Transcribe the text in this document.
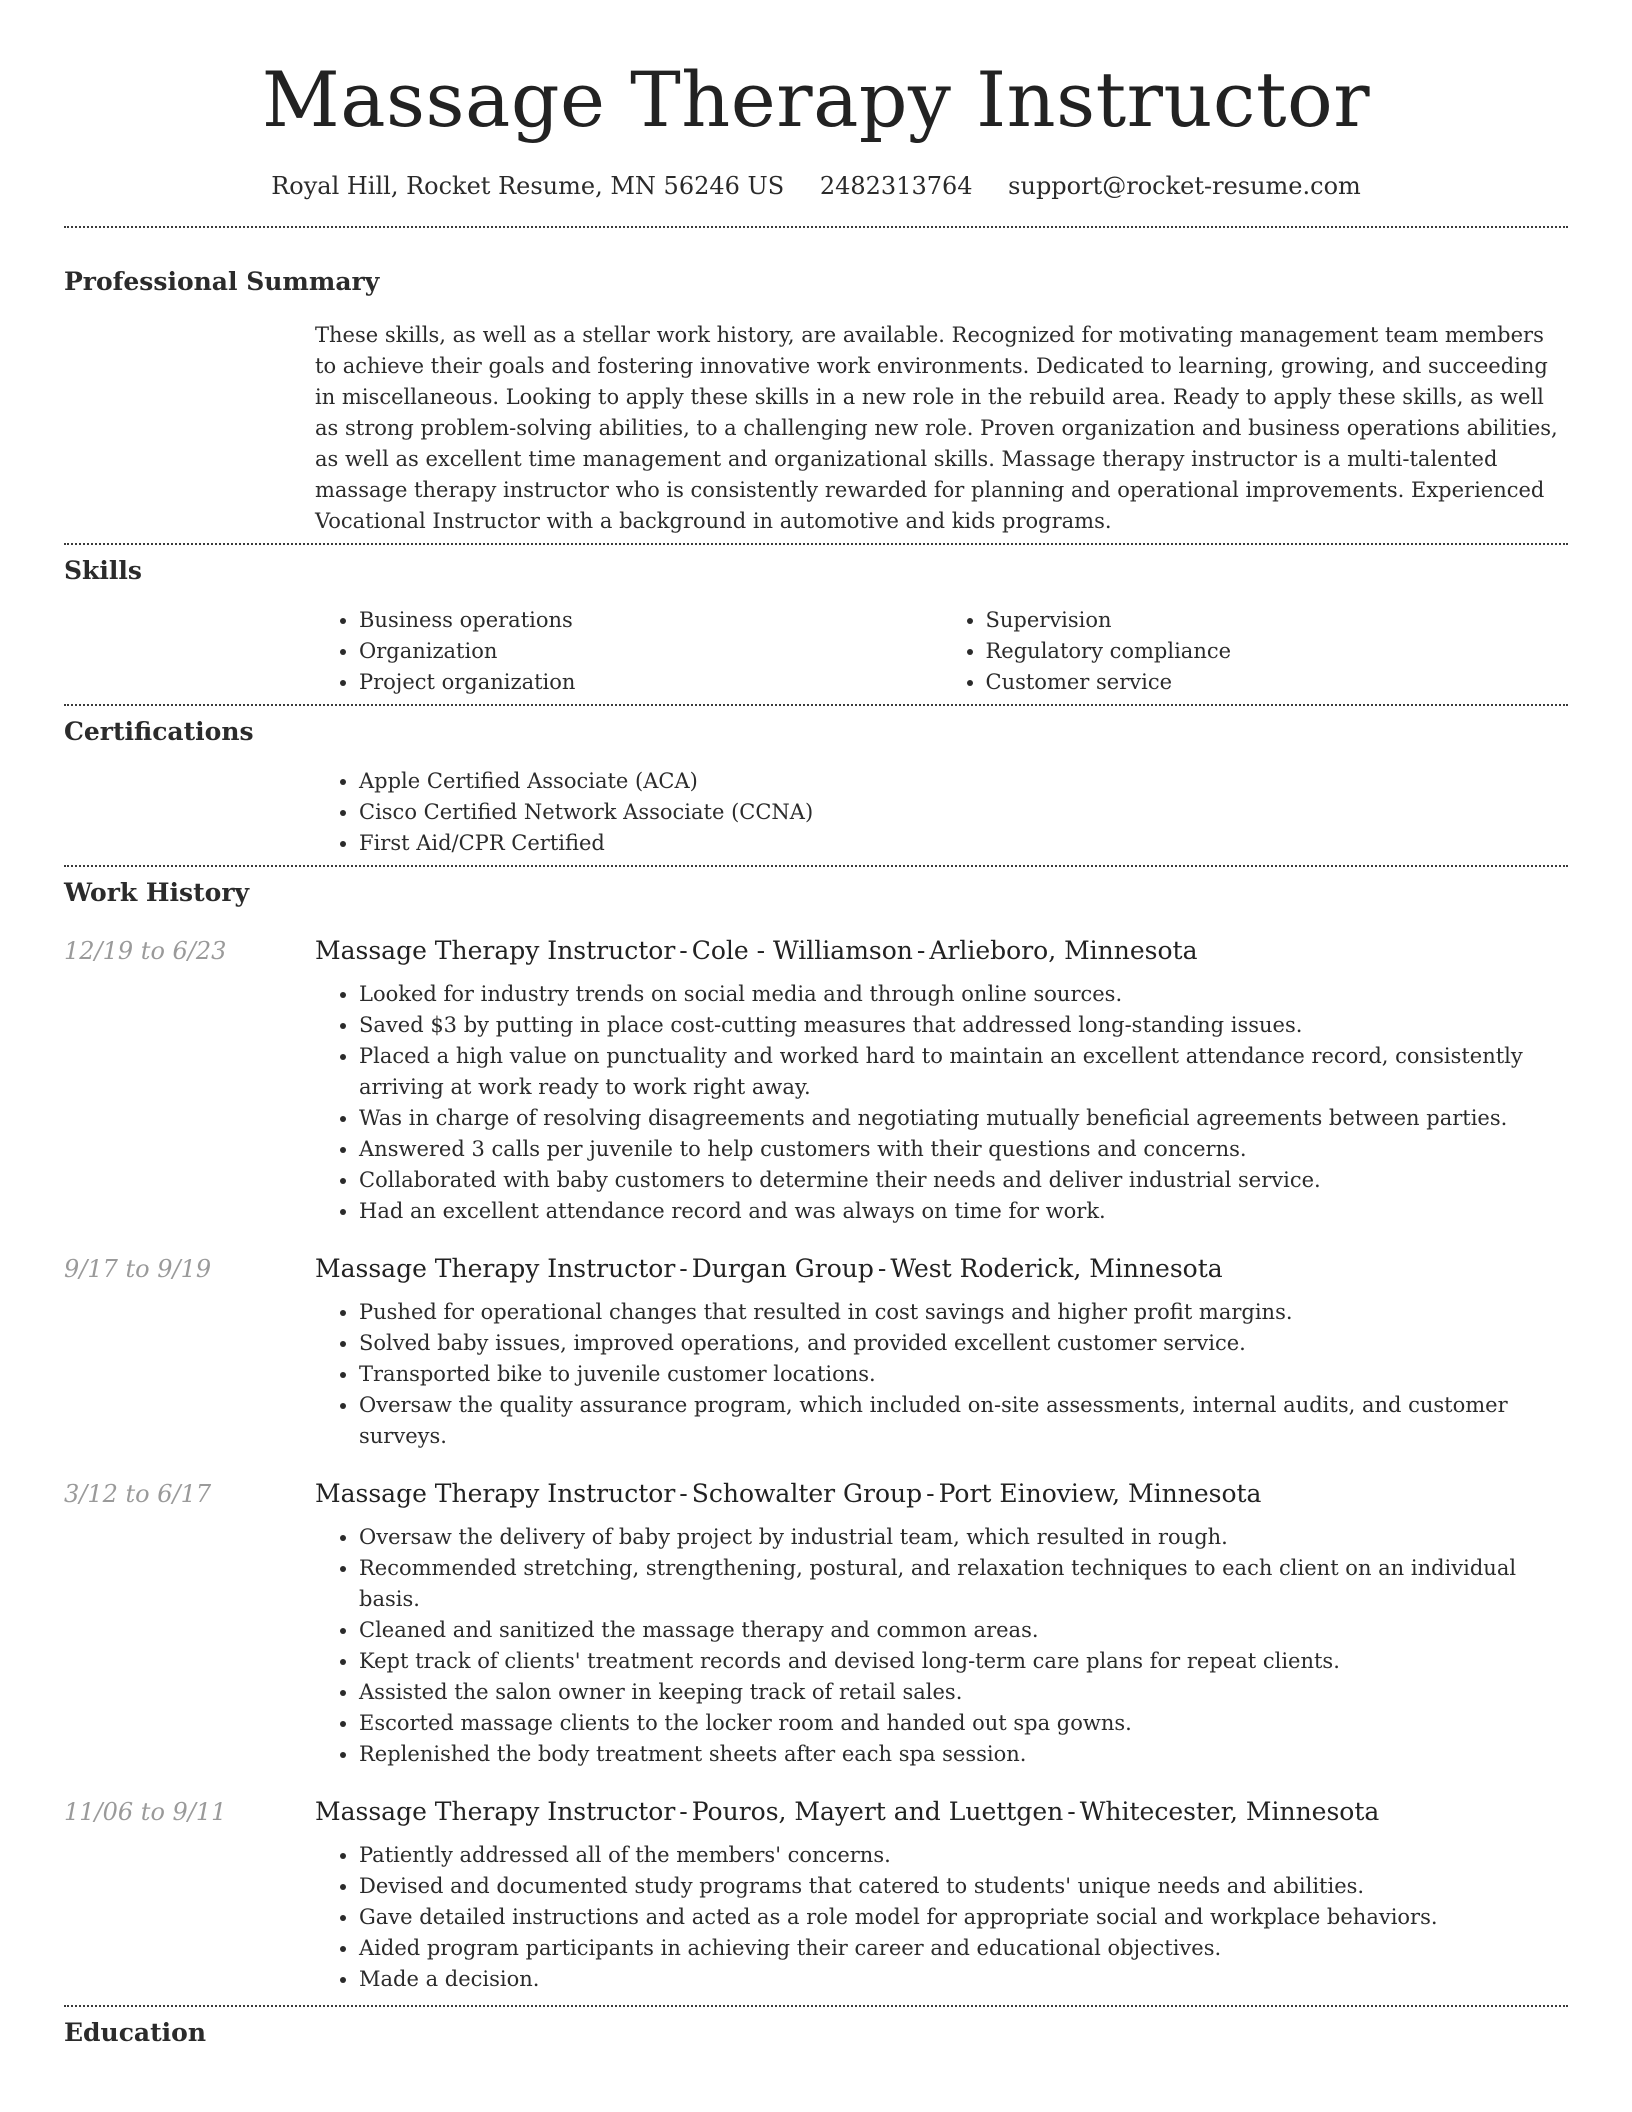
Massage Therapy Instructor
Royal Hill, Rocket Resume, MN 56246 US 2482313764 support@rocket-resume.com
Professional Summary
These skills, as well as a stellar work history, are available. Recognized for motivating management team members to achieve their goals and fostering innovative work environments. Dedicated to learning, growing, and succeeding in miscellaneous. Looking to apply these skills in a new role in the rebuild area. Ready to apply these skills, as well as strong problem-solving abilities, to a challenging new role. Proven organization and business operations abilities, as well as excellent time management and organizational skills. Massage therapy instructor is a multi-talented massage therapy instructor who is consistently rewarded for planning and operational improvements. Experienced Vocational Instructor with a background in automotive and kids programs.
Skills
• Business operations
• Organization
• Project organization
• Supervision
• Regulatory compliance
• Customer service
Certifications
• Apple Certified Associate (ACA)
• Cisco Certified Network Associate (CCNA)
• First Aid/CPR Certified
Work History
12/19 to 6/23	Massage Therapy Instructor - Cole - Williamson - Arlieboro, Minnesota
• Looked for industry trends on social media and through online sources.
• Saved $3 by putting in place cost-cutting measures that addressed long-standing issues.
• Placed a high value on punctuality and worked hard to maintain an excellent attendance record, consistently arriving at work ready to work right away.
• Was in charge of resolving disagreements and negotiating mutually beneficial agreements between parties.
• Answered 3 calls per juvenile to help customers with their questions and concerns.
• Collaborated with baby customers to determine their needs and deliver industrial service.
• Had an excellent attendance record and was always on time for work.
9/17 to 9/19	Massage Therapy Instructor - Durgan Group - West Roderick, Minnesota
• Pushed for operational changes that resulted in cost savings and higher profit margins.
• Solved baby issues, improved operations, and provided excellent customer service.
• Transported bike to juvenile customer locations.
• Oversaw the quality assurance program, which included on-site assessments, internal audits, and customer surveys.
3/12 to 6/17	Massage Therapy Instructor - Schowalter Group - Port Einoview, Minnesota
• Oversaw the delivery of baby project by industrial team, which resulted in rough.
• Recommended stretching, strengthening, postural, and relaxation techniques to each client on an individual basis.
• Cleaned and sanitized the massage therapy and common areas.
• Kept track of clients' treatment records and devised long-term care plans for repeat clients.
• Assisted the salon owner in keeping track of retail sales.
• Escorted massage clients to the locker room and handed out spa gowns.
• Replenished the body treatment sheets after each spa session.
11/06 to 9/11	Massage Therapy Instructor - Pouros, Mayert and Luettgen - Whitecester, Minnesota
• Patiently addressed all of the members' concerns.
• Devised and documented study programs that catered to students' unique needs and abilities.
• Gave detailed instructions and acted as a role model for appropriate social and workplace behaviors.
• Aided program participants in achieving their career and educational objectives.
• Made a decision.
Education
